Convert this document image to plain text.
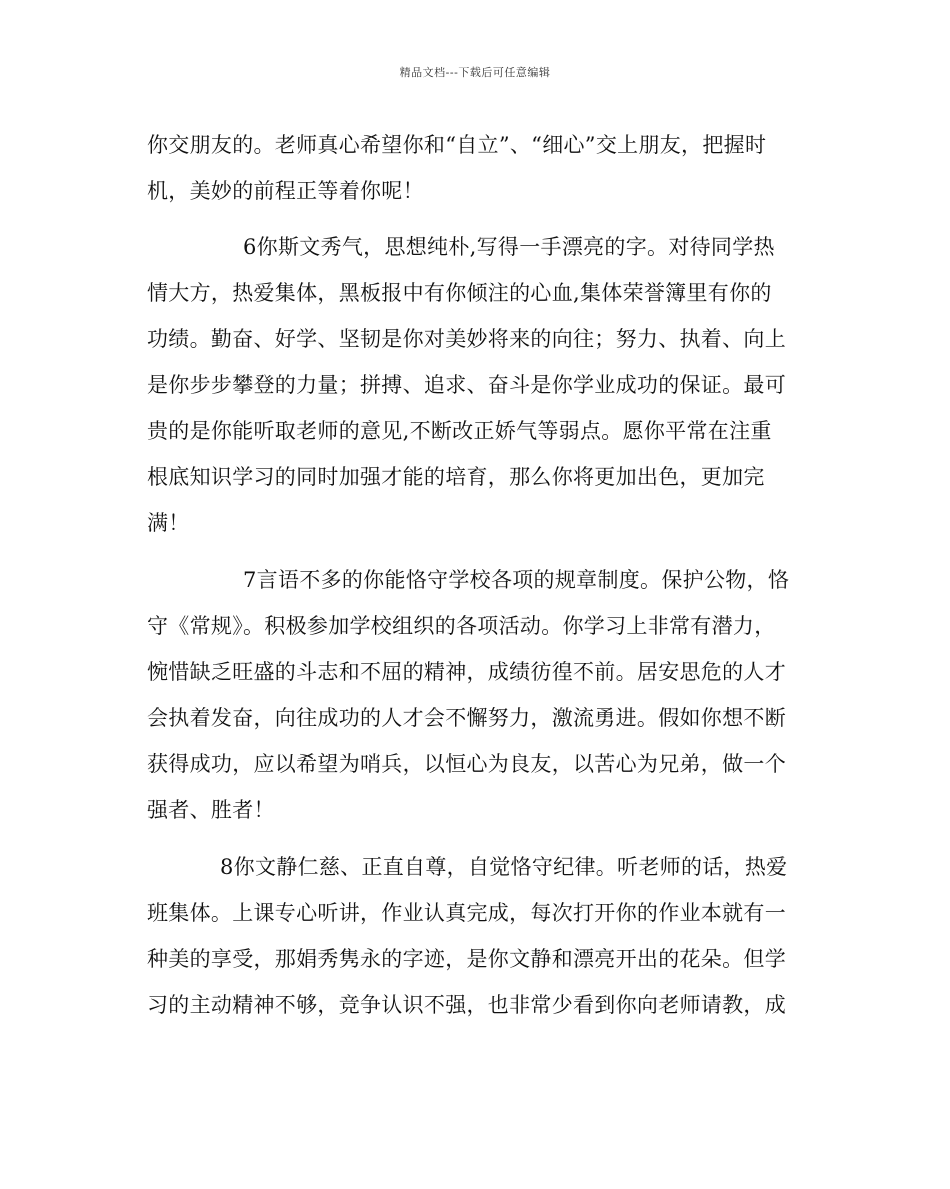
精品文档---下载后可任意编辑
你交朋友的。老师真心希望你和“自立”、“细心”交上朋友，把握时
机，美妙的前程正等着你呢！
6你斯文秀气，思想纯朴,写得一手漂亮的字。对待同学热
情大方，热爱集体，黑板报中有你倾注的心血,集体荣誉簿里有你的
功绩。勤奋、好学、坚韧是你对美妙将来的向往；努力、执着、向上
是你步步攀登的力量；拼搏、追求、奋斗是你学业成功的保证。最可
贵的是你能听取老师的意见,不断改正娇气等弱点。愿你平常在注重
根底知识学习的同时加强才能的培育，那么你将更加出色，更加完
满！
7言语不多的你能恪守学校各项的规章制度。保护公物，恪
守《常规》。积极参加学校组织的各项活动。你学习上非常有潜力，
惋惜缺乏旺盛的斗志和不屈的精神，成绩彷徨不前。居安思危的人才
会执着发奋，向往成功的人才会不懈努力，激流勇进。假如你想不断
获得成功，应以希望为哨兵，以恒心为良友，以苦心为兄弟，做一个
强者、胜者！
8你文静仁慈、正直自尊，自觉恪守纪律。听老师的话，热爱
班集体。上课专心听讲，作业认真完成，每次打开你的作业本就有一
种美的享受，那娟秀隽永的字迹，是你文静和漂亮开出的花朵。但学
习的主动精神不够，竞争认识不强，也非常少看到你向老师请教，成
